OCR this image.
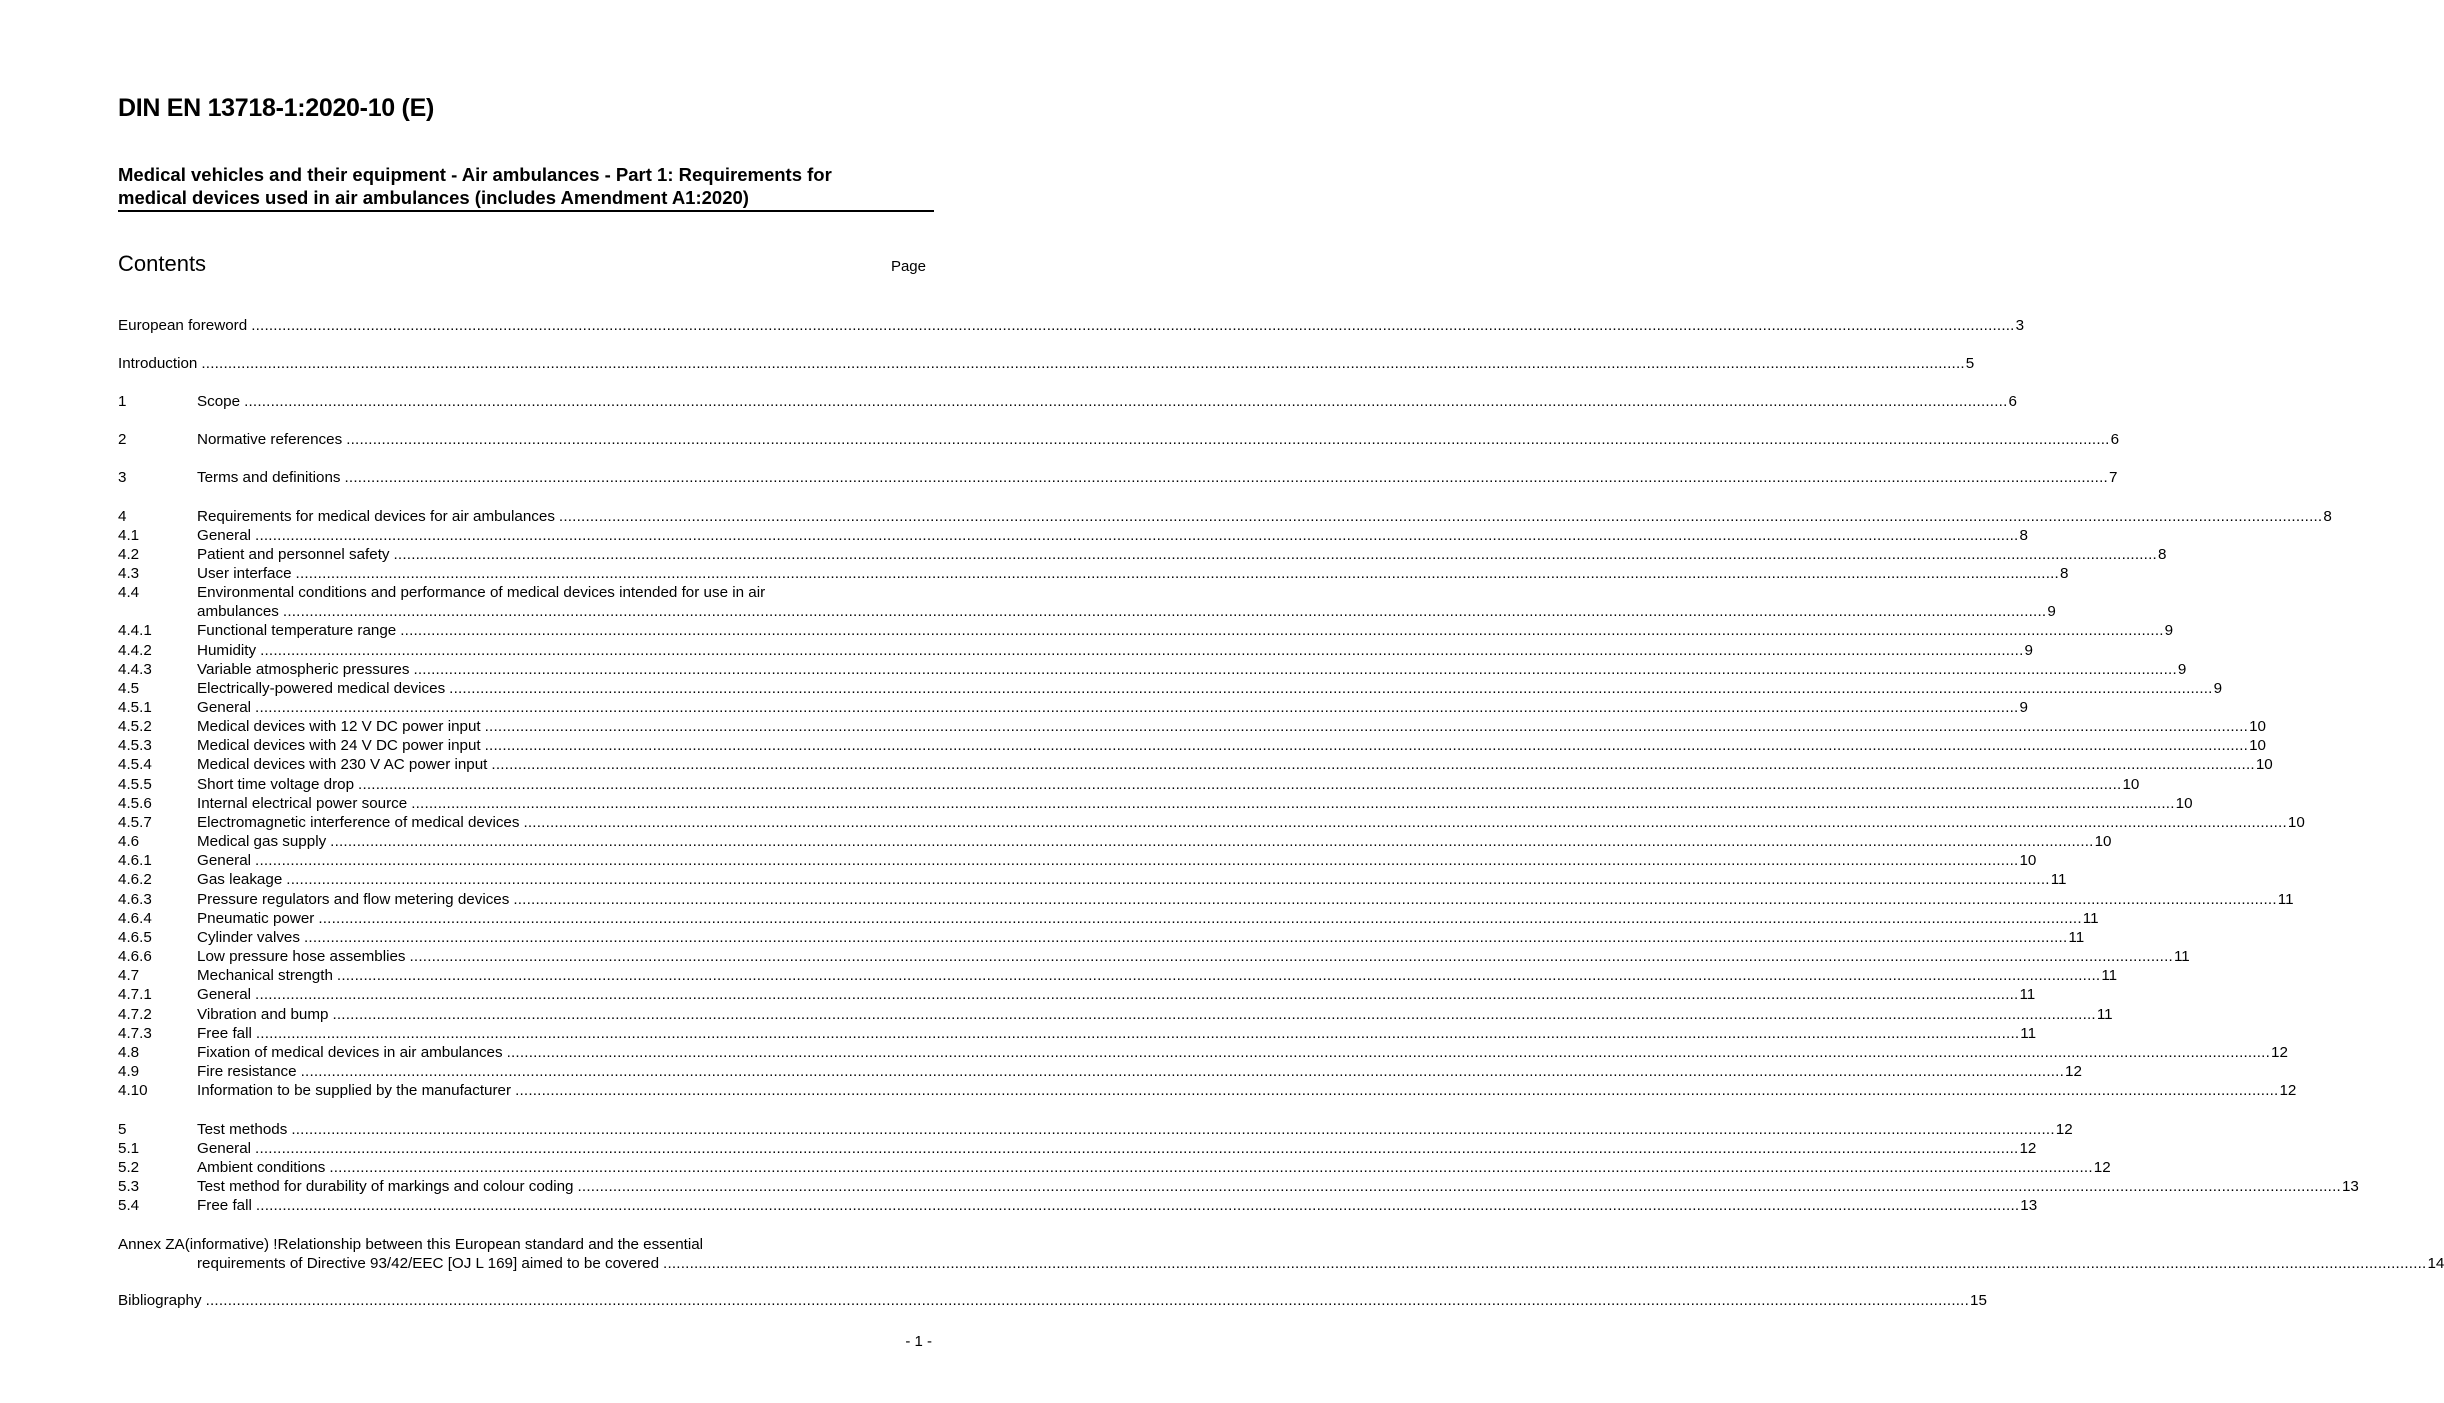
DIN EN 13718-1:2020-10 (E)
Medical vehicles and their equipment - Air ambulances - Part 1: Requirements for
medical devices used in air ambulances (includes Amendment A1:2020)
Contents	Page
European foreword ............................................................................................................................................................................................................................................................................................................................................................................................................... 3
Introduction ............................................................................................................................................................................................................................................................................................................................................................................................................... 5
1	Scope ............................................................................................................................................................................................................................................................................................................................................................................................................... 6
2	Normative references ............................................................................................................................................................................................................................................................................................................................................................................................................... 6
3	Terms and definitions ............................................................................................................................................................................................................................................................................................................................................................................................................... 7
4	Requirements for medical devices for air ambulances ............................................................................................................................................................................................................................................................................................................................................................................................................... 8
4.1	General ............................................................................................................................................................................................................................................................................................................................................................................................................... 8
4.2	Patient and personnel safety ............................................................................................................................................................................................................................................................................................................................................................................................................... 8
4.3	User interface ............................................................................................................................................................................................................................................................................................................................................................................................................... 8
4.4	Environmental conditions and performance of medical devices intended for use in air
ambulances ............................................................................................................................................................................................................................................................................................................................................................................................................... 9
4.4.1	Functional temperature range ............................................................................................................................................................................................................................................................................................................................................................................................................... 9
4.4.2	Humidity ............................................................................................................................................................................................................................................................................................................................................................................................................... 9
4.4.3	Variable atmospheric pressures ............................................................................................................................................................................................................................................................................................................................................................................................................... 9
4.5	Electrically-powered medical devices ............................................................................................................................................................................................................................................................................................................................................................................................................... 9
4.5.1	General ............................................................................................................................................................................................................................................................................................................................................................................................................... 9
4.5.2	Medical devices with 12 V DC power input ............................................................................................................................................................................................................................................................................................................................................................................................................... 10
4.5.3	Medical devices with 24 V DC power input ............................................................................................................................................................................................................................................................................................................................................................................................................... 10
4.5.4	Medical devices with 230 V AC power input ............................................................................................................................................................................................................................................................................................................................................................................................................... 10
4.5.5	Short time voltage drop ............................................................................................................................................................................................................................................................................................................................................................................................................... 10
4.5.6	Internal electrical power source ............................................................................................................................................................................................................................................................................................................................................................................................................... 10
4.5.7	Electromagnetic interference of medical devices ............................................................................................................................................................................................................................................................................................................................................................................................................... 10
4.6	Medical gas supply ............................................................................................................................................................................................................................................................................................................................................................................................................... 10
4.6.1	General ............................................................................................................................................................................................................................................................................................................................................................................................................... 10
4.6.2	Gas leakage ............................................................................................................................................................................................................................................................................................................................................................................................................... 11
4.6.3	Pressure regulators and flow metering devices ............................................................................................................................................................................................................................................................................................................................................................................................................... 11
4.6.4	Pneumatic power ............................................................................................................................................................................................................................................................................................................................................................................................................... 11
4.6.5	Cylinder valves ............................................................................................................................................................................................................................................................................................................................................................................................................... 11
4.6.6	Low pressure hose assemblies ............................................................................................................................................................................................................................................................................................................................................................................................................... 11
4.7	Mechanical strength ............................................................................................................................................................................................................................................................................................................................................................................................................... 11
4.7.1	General ............................................................................................................................................................................................................................................................................................................................................................................................................... 11
4.7.2	Vibration and bump ............................................................................................................................................................................................................................................................................................................................................................................................................... 11
4.7.3	Free fall ............................................................................................................................................................................................................................................................................................................................................................................................................... 11
4.8	Fixation of medical devices in air ambulances ............................................................................................................................................................................................................................................................................................................................................................................................................... 12
4.9	Fire resistance ............................................................................................................................................................................................................................................................................................................................................................................................................... 12
4.10	Information to be supplied by the manufacturer ............................................................................................................................................................................................................................................................................................................................................................................................................... 12
5	Test methods ............................................................................................................................................................................................................................................................................................................................................................................................................... 12
5.1	General ............................................................................................................................................................................................................................................................................................................................................................................................................... 12
5.2	Ambient conditions ............................................................................................................................................................................................................................................................................................................................................................................................................... 12
5.3	Test method for durability of markings and colour coding ............................................................................................................................................................................................................................................................................................................................................................................................................... 13
5.4	Free fall ............................................................................................................................................................................................................................................................................................................................................................................................................... 13
Annex ZA(informative) !Relationship between this European standard and the essential
requirements of Directive 93/42/EEC [OJ L 169] aimed to be covered ............................................................................................................................................................................................................................................................................................................................................................................................................... 14
Bibliography ............................................................................................................................................................................................................................................................................................................................................................................................................... 15
- 1 -
